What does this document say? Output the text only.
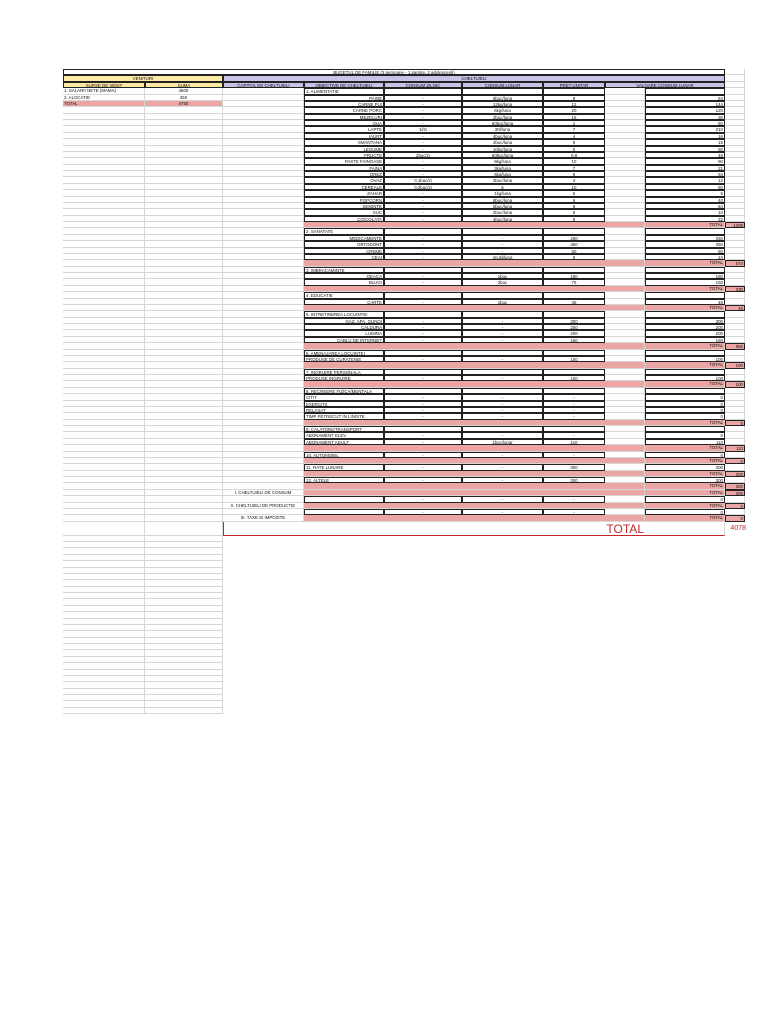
BUGETUL DE FAMILIE (3 persoane - 1 parinte, 2 adolescenti)
VENITURI	CHELTUIELI
SURSE DE VENIT	SUMA	CAPITOL DE CHELTUIELI	OBIECTIVE DE CHELTUIELI	CONSUM ZILNIC	CONSUM LUNAR	PRET UNITAR	VALOARE CONSUM LUNAR
1. SALARII NETE (MAMA)	4500	1. ALIMENTATIE
2. ALOCATIE	250	PAINE	-	8buc/luna	8	64
TOTAL	4750	CARNE PUI	-	12kg/luna	12	144
CARNE PORC	-	6kg/luna	20	120
MEZELURI	-	2buc/luna	15	30
OUA	-	60buc/luna	1	60
LAPTE	1l/zi	30l/luna	7	210
IAURT	-	4buc/luna	4	16
SMANTANA	-	2buc/luna	9	18
LEGUME	-	10kg/luna	5	50
FRUCTE	2buc/zi	60buc/luna	0.8	48
PASTE FAINOASE	-	9kg/luna	10	90
FAINA	-	3kg/luna	7	21
OREZ	-	6kg/luna	9	54
OVAZ	0,1buc/zi	3buc/luna	4	12
CEREALE	0,2buc/zi	6	10	60
ZAHAR	-	1kg/luna	6	6
POPCORN	-	8buc/luna	5	40
SEMINTE	-	8buc/luna	8	64
SUC	-	2buc/luna	5	10
CIOCOLATA	-	4buc/luna	8	32
TOTAL	1209
2. SANATATE
MEDICAMENTE	-	-	250	250
ORTODONT	-	-	350	350
CREME	-	-	50	50
CEAI	-	4cutii/luna	6	24
TOTAL	674
3. IMBRACAMINTE
GEACA	-	1buc	180	180
BLUGI	-	2buc	75	150
TOTAL	330
4. EDUCATIE
CARTE	-	1buc	45	45
TOTAL	45
5. INTRETINEREA LOCUINTEI
GAZ, APA, GUNOI	-	-	300	300
CALDURA	-	-	200	200
LUMINA	-	-	200	200
CABLU DE INTERNET	-	-	160	160
TOTAL	860
6. AMENAJAREA LOCUINTEI
PRODUSE DE CURATENIE	-	-	100	100
TOTAL	100
7. INGRIJIRE PERSONALA
PRODUSE INGRIJIRE	-	-	100	100
TOTAL	100
8. RECREERE FIZICA/MENTALA
CITIT	-	-	-	0
EXERCITII	-	-	-	0
RELAXAT	-	-	-	0
TIMP PETRECUT IN LINISTE	-	-	-	0
TOTAL	0
9. CALATORII/TRANSPORT
ABONAMENT ELEV	-	-	-	0
ABONAMENT ADULT	-	1buc/lunar	110	110
TOTAL	110
10. AUTOMOBIL	-	-	-	0
TOTAL	0
11. RATE LUNARE	-	-	300	300
TOTAL	300
12. ALTELE	-	-	300	300
TOTAL	300
I. CHELTUIELI DE CONSUM	TOTAL	300
-	-	-	0
II. CHELTUIELI DE PRODUCTIE	TOTAL	0
-	-	-	0
III. TAXE SI IMPOZITE	TOTAL	0
TOTAL	4078
